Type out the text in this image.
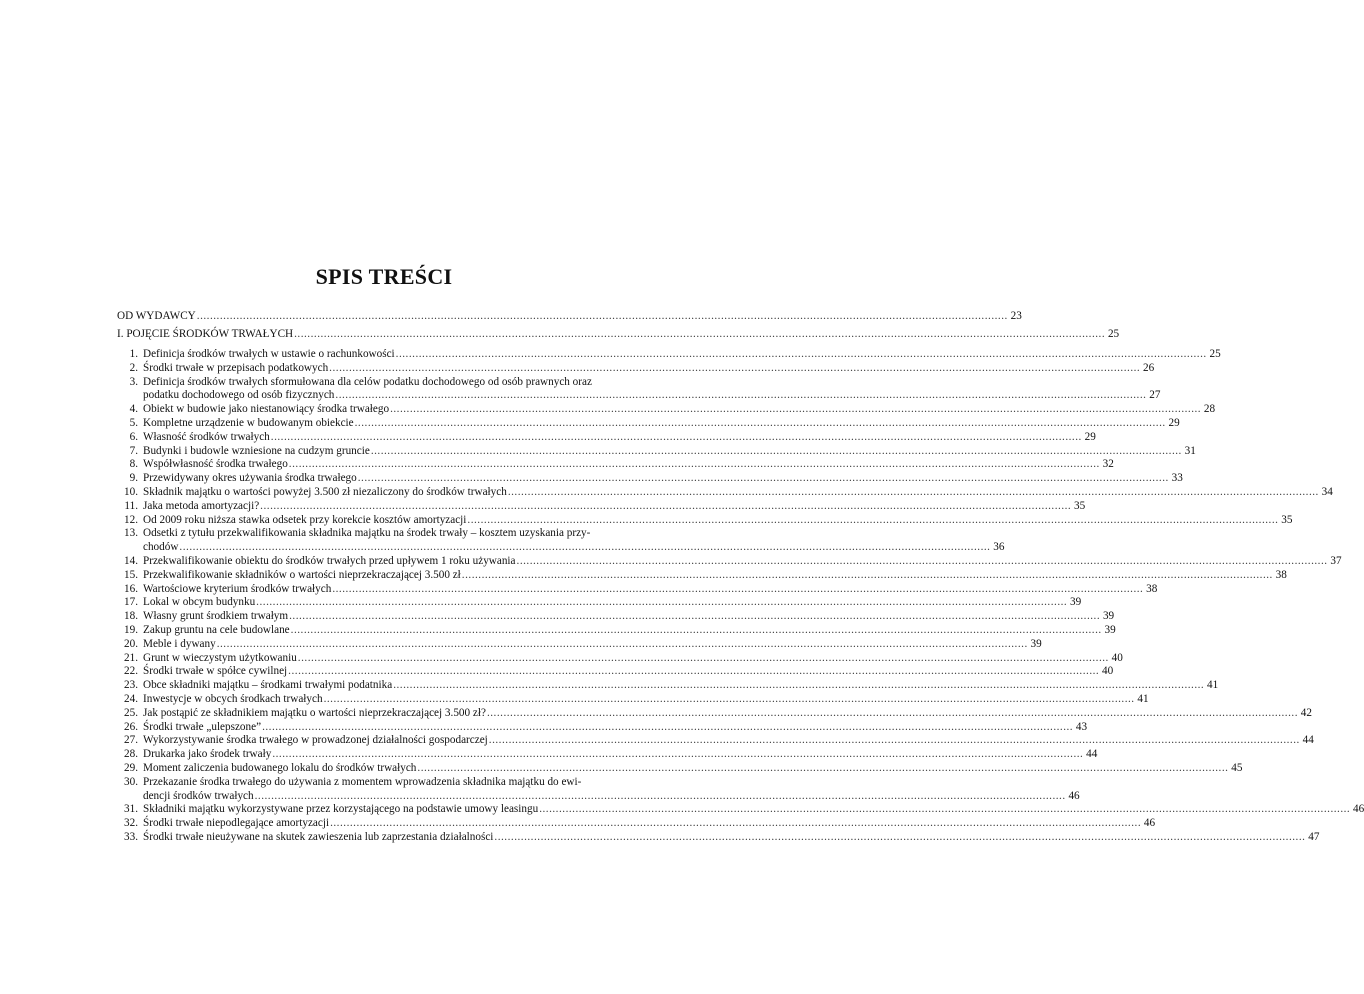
SPIS TREŚCI
OD WYDAWCY .....	23
I. POJĘCIE ŚRODKÓW TRWAŁYCH .....	25
1. Definicja środków trwałych w ustawie o rachunkowości .....	25
2. Środki trwałe w przepisach podatkowych .....	26
3. Definicja środków trwałych sformułowana dla celów podatku dochodowego od osób prawnych oraz
podatku dochodowego od osób fizycznych .....	27
4. Obiekt w budowie jako niestanowiący środka trwałego .....	28
5. Kompletne urządzenie w budowanym obiekcie .....	29
6. Własność środków trwałych .....	29
7. Budynki i budowle wzniesione na cudzym gruncie .....	31
8. Współwłasność środka trwałego .....	32
9. Przewidywany okres używania środka trwałego .....	33
10. Składnik majątku o wartości powyżej 3.500 zł niezaliczony do środków trwałych .....	34
11. Jaka metoda amortyzacji? .....	35
12. Od 2009 roku niższa stawka odsetek przy korekcie kosztów amortyzacji .....	35
13. Odsetki z tytułu przekwalifikowania składnika majątku na środek trwały – kosztem uzyskania przy-
chodów .....	36
14. Przekwalifikowanie obiektu do środków trwałych przed upływem 1 roku używania .....	37
15. Przekwalifikowanie składników o wartości nieprzekraczającej 3.500 zł .....	38
16. Wartościowe kryterium środków trwałych .....	38
17. Lokal w obcym budynku .....	39
18. Własny grunt środkiem trwałym .....	39
19. Zakup gruntu na cele budowlane .....	39
20. Meble i dywany .....	39
21. Grunt w wieczystym użytkowaniu .....	40
22. Środki trwałe w spółce cywilnej .....	40
23. Obce składniki majątku – środkami trwałymi podatnika .....	41
24. Inwestycje w obcych środkach trwałych .....	41
25. Jak postąpić ze składnikiem majątku o wartości nieprzekraczającej 3.500 zł? .....	42
26. Środki trwałe „ulepszone” .....	43
27. Wykorzystywanie środka trwałego w prowadzonej działalności gospodarczej .....	44
28. Drukarka jako środek trwały .....	44
29. Moment zaliczenia budowanego lokalu do środków trwałych .....	45
30. Przekazanie środka trwałego do używania z momentem wprowadzenia składnika majątku do ewi-
dencji środków trwałych .....	46
31. Składniki majątku wykorzystywane przez korzystającego na podstawie umowy leasingu .....	46
32. Środki trwałe niepodlegające amortyzacji .....	46
33. Środki trwałe nieużywane na skutek zawieszenia lub zaprzestania działalności .....	47
